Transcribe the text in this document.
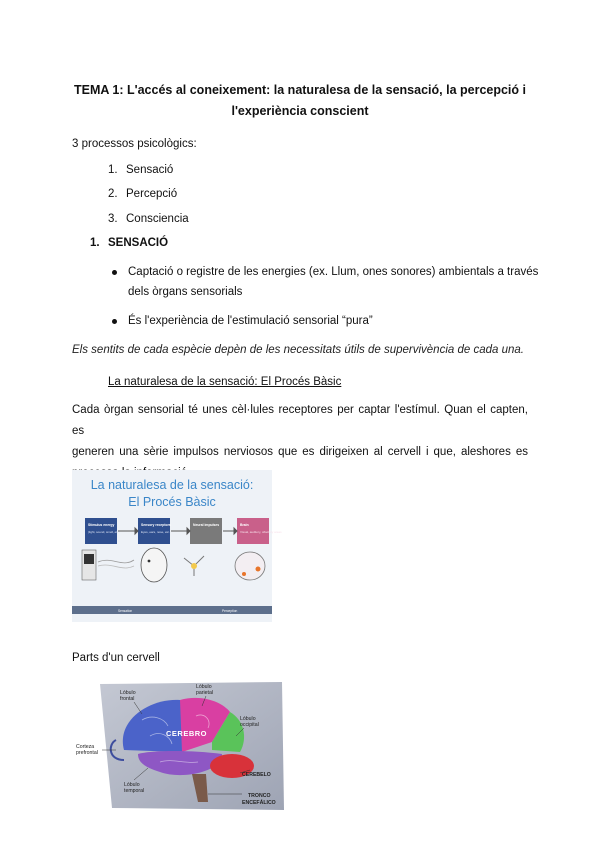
TEMA 1: L'accés al coneixement: la naturalesa de la sensació, la percepció i
l'experiència conscient
3 processos psicològics:
1. Sensació
2. Percepció
3. Consciencia
1. SENSACIÓ
Captació o registre de les energies (ex. Llum, ones sonores) ambientals a través
dels òrgans sensorials
És l'experiència de l'estimulació sensorial “pura”
Els sentits de cada espècie depèn de les necessitats útils de supervivència de cada una.
La naturalesa de la sensació: El Procés Bàsic
Cada òrgan sensorial té unes cèl·lules receptores per captar l'estímul. Quan el capten, es
generen una sèrie impulsos nerviosos que es dirigeixen al cervell i que, aleshores es
La naturalesa de la sensació:
El Procés Bàsic
Stimulus energy
(light, sound, smell, etc)
Sensory receptors
Eyes, ears, nose, etc.
Neural impulses	Brain
Visual, auditory, olfactory areas
Sensation	Perception
Parts d'un cervell
CEREBRO
Lóbulo
frontal
Lóbulo
parietal
Lóbulo
occipital
Corteza
prefrontal
Lóbulo
temporal
CEREBELO
TRONCO
ENCEFÁLICO
